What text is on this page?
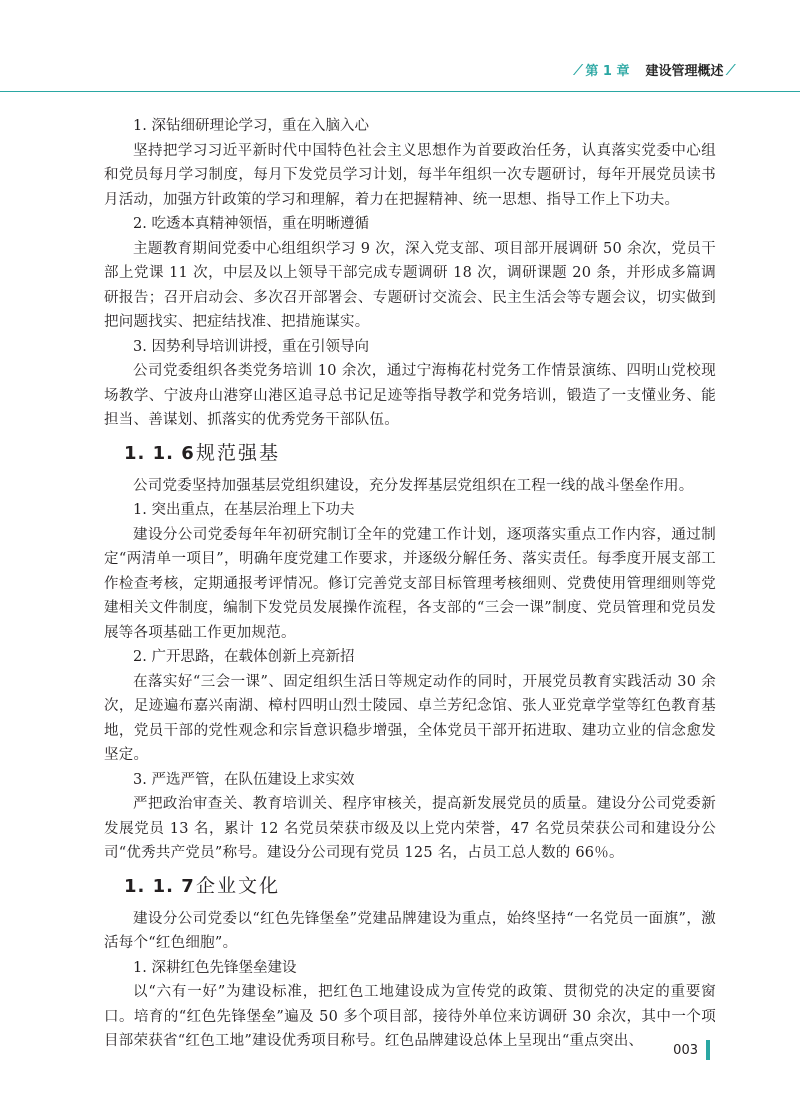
⁄ 第 1 章 建设管理概述 ⁄

1. 深钻细研理论学习，重在入脑入心

坚持把学习习近平新时代中国特色社会主义思想作为首要政治任务，认真落实党委中心组和党员每月学习制度，每月下发党员学习计划，每半年组织一次专题研讨，每年开展党员读书月活动，加强方针政策的学习和理解，着力在把握精神、统一思想、指导工作上下功夫。

2. 吃透本真精神领悟，重在明晰遵循

主题教育期间党委中心组组织学习 9 次，深入党支部、项目部开展调研 50 余次，党员干部上党课 11 次，中层及以上领导干部完成专题调研 18 次，调研课题 20 条，并形成多篇调研报告；召开启动会、多次召开部署会、专题研讨交流会、民主生活会等专题会议，切实做到把问题找实、把症结找准、把措施谋实。

3. 因势利导培训讲授，重在引领导向

公司党委组织各类党务培训 10 余次，通过宁海梅花村党务工作情景演练、四明山党校现场教学、宁波舟山港穿山港区追寻总书记足迹等指导教学和党务培训，锻造了一支懂业务、能担当、善谋划、抓落实的优秀党务干部队伍。

1. 1. 6规范强基

公司党委坚持加强基层党组织建设，充分发挥基层党组织在工程一线的战斗堡垒作用。

1. 突出重点，在基层治理上下功夫

建设分公司党委每年年初研究制订全年的党建工作计划，逐项落实重点工作内容，通过制定“两清单一项目”，明确年度党建工作要求，并逐级分解任务、落实责任。每季度开展支部工作检查考核，定期通报考评情况。修订完善党支部目标管理考核细则、党费使用管理细则等党建相关文件制度，编制下发党员发展操作流程，各支部的“三会一课”制度、党员管理和党员发展等各项基础工作更加规范。

2. 广开思路，在载体创新上亮新招

在落实好“三会一课”、固定组织生活日等规定动作的同时，开展党员教育实践活动 30 余次，足迹遍布嘉兴南湖、樟村四明山烈士陵园、卓兰芳纪念馆、张人亚党章学堂等红色教育基地，党员干部的党性观念和宗旨意识稳步增强，全体党员干部开拓进取、建功立业的信念愈发坚定。

3. 严选严管，在队伍建设上求实效

严把政治审查关、教育培训关、程序审核关，提高新发展党员的质量。建设分公司党委新发展党员 13 名，累计 12 名党员荣获市级及以上党内荣誉，47 名党员荣获公司和建设分公司“优秀共产党员”称号。建设分公司现有党员 125 名，占员工总人数的 66％。

1. 1. 7企业文化

建设分公司党委以“红色先锋堡垒”党建品牌建设为重点，始终坚持“一名党员一面旗”，激活每个“红色细胞”。

1. 深耕红色先锋堡垒建设

以“六有一好”为建设标准，把红色工地建设成为宣传党的政策、贯彻党的决定的重要窗口。培育的“红色先锋堡垒”遍及 50 多个项目部，接待外单位来访调研 30 余次，其中一个项目部荣获省“红色工地”建设优秀项目称号。红色品牌建设总体上呈现出“重点突出、

003
